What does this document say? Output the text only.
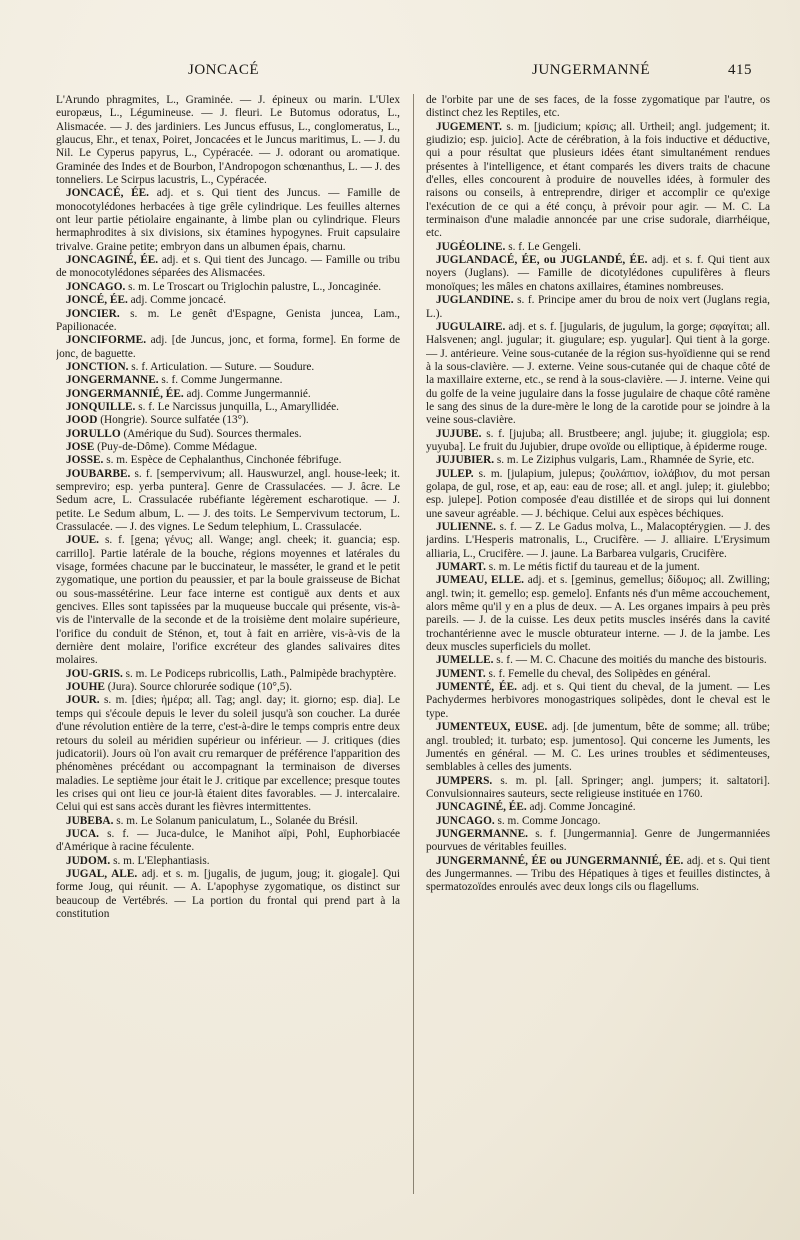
JONCACÉ	JUNGERMANNÉ	415

L'Arundo phragmites, L., Graminée. — J. épineux ou marin. L'Ulex europæus, L., Légumineuse. — J. fleuri. Le Butomus odoratus, L., Alismacée. — J. des jardiniers. Les Juncus effusus, L., conglomeratus, L., glaucus, Ehr., et tenax, Poiret, Joncacées et le Juncus maritimus, L. — J. du Nil. Le Cyperus papyrus, L., Cypéracée. — J. odorant ou aromatique. Graminée des Indes et de Bourbon, l'Andropogon schœnanthus, L. — J. des tonneliers. Le Scirpus lacustris, L., Cypéracée.

JONCACÉ, ÉE. adj. et s. Qui tient des Juncus. — Famille de monocotylédones herbacées à tige grêle cylindrique. Les feuilles alternes ont leur partie pétiolaire engainante, à limbe plan ou cylindrique. Fleurs hermaphrodites à six divisions, six étamines hypogynes. Fruit capsulaire trivalve. Graine petite; embryon dans un albumen épais, charnu.

JONCAGINÉ, ÉE. adj. et s. Qui tient des Juncago. — Famille ou tribu de monocotylédones séparées des Alismacées.

JONCAGO. s. m. Le Troscart ou Triglochin palustre, L., Joncaginée.

JONCÉ, ÉE. adj. Comme joncacé.

JONCIER. s. m. Le genêt d'Espagne, Genista juncea, Lam., Papilionacée.

JONCIFORME. adj. [de Juncus, jonc, et forma, forme]. En forme de jonc, de baguette.

JONCTION. s. f. Articulation. — Suture. — Soudure.

JONGERMANNE. s. f. Comme Jungermanne.

JONGERMANNIÉ, ÉE. adj. Comme Jungermannié.

JONQUILLE. s. f. Le Narcissus junquilla, L., Amaryllidée.

JOOD (Hongrie). Source sulfatée (13°).

JORULLO (Amérique du Sud). Sources thermales.

JOSE (Puy-de-Dôme). Comme Médague.

JOSSE. s. m. Espèce de Cephalanthus, Cinchonée fébrifuge.

JOUBARBE. s. f. [sempervivum; all. Hauswurzel, angl. house-leek; it. sempreviro; esp. yerba puntera]. Genre de Crassulacées. — J. âcre. Le Sedum acre, L. Crassulacée rubéfiante légèrement escharotique. — J. petite. Le Sedum album, L. — J. des toits. Le Sempervivum tectorum, L. Crassulacée. — J. des vignes. Le Sedum telephium, L. Crassulacée.

JOUE. s. f. [gena; γένυς; all. Wange; angl. cheek; it. guancia; esp. carrillo]. Partie latérale de la bouche, régions moyennes et latérales du visage, formées chacune par le buccinateur, le masséter, le grand et le petit zygomatique, une portion du peaussier, et par la boule graisseuse de Bichat ou sous-massétérine. Leur face interne est contiguë aux dents et aux gencives. Elles sont tapissées par la muqueuse buccale qui présente, vis-à-vis de l'intervalle de la seconde et de la troisième dent molaire supérieure, l'orifice du conduit de Sténon, et, tout à fait en arrière, vis-à-vis de la dernière dent molaire, l'orifice excréteur des glandes salivaires dites molaires.

JOU-GRIS. s. m. Le Podiceps rubricollis, Lath., Palmipède brachyptère.

JOUHE (Jura). Source chlorurée sodique (10°,5).

JOUR. s. m. [dies; ἡμέρα; all. Tag; angl. day; it. giorno; esp. dia]. Le temps qui s'écoule depuis le lever du soleil jusqu'à son coucher. La durée d'une révolution entière de la terre, c'est-à-dire le temps compris entre deux retours du soleil au méridien supérieur ou inférieur. — J. critiques (dies judicatorii). Jours où l'on avait cru remarquer de préférence l'apparition des phénomènes précédant ou accompagnant la terminaison de diverses maladies. Le septième jour était le J. critique par excellence; presque toutes les crises qui ont lieu ce jour-là étaient dites favorables. — J. intercalaire. Celui qui est sans accès durant les fièvres intermittentes.

JUBEBA. s. m. Le Solanum paniculatum, L., Solanée du Brésil.

JUCA. s. f. — Juca-dulce, le Manihot aïpi, Pohl, Euphorbiacée d'Amérique à racine féculente.

JUDOM. s. m. L'Elephantiasis.

JUGAL, ALE. adj. et s. m. [jugalis, de jugum, joug; it. giogale]. Qui forme Joug, qui réunit. — A. L'apophyse zygomatique, os distinct sur beaucoup de Vertébrés. — La portion du frontal qui prend part à la constitution

de l'orbite par une de ses faces, de la fosse zygomatique par l'autre, os distinct chez les Reptiles, etc.

JUGEMENT. s. m. [judicium; κρίσις; all. Urtheil; angl. judgement; it. giudizio; esp. juicio]. Acte de cérébration, à la fois inductive et déductive, qui a pour résultat que plusieurs idées étant simultanément rendues présentes à l'intelligence, et étant comparés les divers traits de chacune d'elles, elles concourent à produire de nouvelles idées, à formuler des raisons ou conseils, à entreprendre, diriger et accomplir ce qu'exige l'exécution de ce qui a été conçu, à prévoir pour agir. — M. C. La terminaison d'une maladie annoncée par une crise sudorale, diarrhéique, etc.

JUGÉOLINE. s. f. Le Gengeli.

JUGLANDACÉ, ÉE, ou JUGLANDÉ, ÉE. adj. et s. f. Qui tient aux noyers (Juglans). — Famille de dicotylédones cupulifères à fleurs monoïques; les mâles en chatons axillaires, étamines nombreuses.

JUGLANDINE. s. f. Principe amer du brou de noix vert (Juglans regia, L.).

JUGULAIRE. adj. et s. f. [jugularis, de jugulum, la gorge; σφαγίται; all. Halsvenen; angl. jugular; it. giugulare; esp. yugular]. Qui tient à la gorge. — J. antérieure. Veine sous-cutanée de la région sus-hyoïdienne qui se rend à la sous-clavière. — J. externe. Veine sous-cutanée qui de chaque côté de la maxillaire externe, etc., se rend à la sous-clavière. — J. interne. Veine qui du golfe de la veine jugulaire dans la fosse jugulaire de chaque côté ramène le sang des sinus de la dure-mère le long de la carotide pour se joindre à la veine sous-clavière.

JUJUBE. s. f. [jujuba; all. Brustbeere; angl. jujube; it. giuggiola; esp. yuyuba]. Le fruit du Jujubier, drupe ovoïde ou elliptique, à épiderme rouge.

JUJUBIER. s. m. Le Ziziphus vulgaris, Lam., Rhamnée de Syrie, etc.

JULEP. s. m. [julapium, julepus; ζουλάπιον, ἰολάβιον, du mot persan golapa, de gul, rose, et ap, eau: eau de rose; all. et angl. julep; it. giulebbo; esp. julepe]. Potion composée d'eau distillée et de sirops qui lui donnent une saveur agréable. — J. béchique. Celui aux espèces béchiques.

JULIENNE. s. f. — Z. Le Gadus molva, L., Malacoptérygien. — J. des jardins. L'Hesperis matronalis, L., Crucifère. — J. alliaire. L'Erysimum alliaria, L., Crucifère. — J. jaune. La Barbarea vulgaris, Crucifère.

JUMART. s. m. Le métis fictif du taureau et de la jument.

JUMEAU, ELLE. adj. et s. [geminus, gemellus; δίδυμος; all. Zwilling; angl. twin; it. gemello; esp. gemelo]. Enfants nés d'un même accouchement, alors même qu'il y en a plus de deux. — A. Les organes impairs à peu près pareils. — J. de la cuisse. Les deux petits muscles insérés dans la cavité trochantérienne avec le muscle obturateur interne. — J. de la jambe. Les deux muscles superficiels du mollet.

JUMELLE. s. f. — M. C. Chacune des moitiés du manche des bistouris.

JUMENT. s. f. Femelle du cheval, des Solipèdes en général.

JUMENTÉ, ÉE. adj. et s. Qui tient du cheval, de la jument. — Les Pachydermes herbivores monogastriques solipèdes, dont le cheval est le type.

JUMENTEUX, EUSE. adj. [de jumentum, bête de somme; all. trübe; angl. troubled; it. turbato; esp. jumentoso]. Qui concerne les Juments, les Jumentés en général. — M. C. Les urines troubles et sédimenteuses, semblables à celles des juments.

JUMPERS. s. m. pl. [all. Springer; angl. jumpers; it. saltatori]. Convulsionnaires sauteurs, secte religieuse instituée en 1760.

JUNCAGINÉ, ÉE. adj. Comme Joncaginé.

JUNCAGO. s. m. Comme Joncago.

JUNGERMANNE. s. f. [Jungermannia]. Genre de Jungermanniées pourvues de véritables feuilles.

JUNGERMANNÉ, ÉE ou JUNGERMANNIÉ, ÉE. adj. et s. Qui tient des Jungermannes. — Tribu des Hépatiques à tiges et feuilles distinctes, à spermatozoïdes enroulés avec deux longs cils ou flagellums.
